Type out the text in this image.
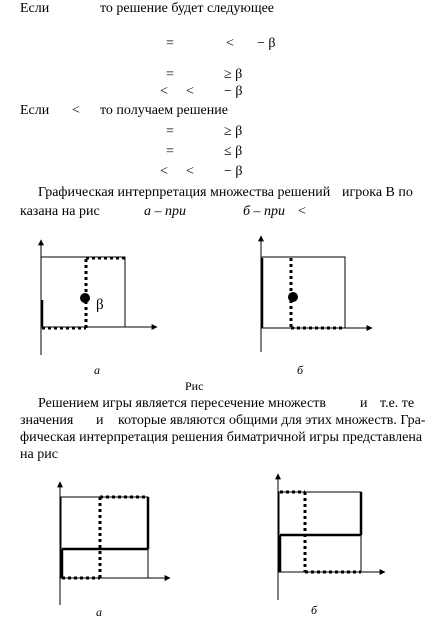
Если	то решение будет следующее
=	< − β
=	≥ β
< < − β
Если < то получаем решение
=	≥ β
=	≤ β
< < − β
Графическая интерпретация множества решений игрока B по
казана на рис	а – при	б – при <
β
а	б
Рис
Решением игры является пересечение множеств и т.е. те
значения и которые являются общими для этих множеств. Гра-
фическая интерпретация решения биматричной игры представлена
на рис
а	б
